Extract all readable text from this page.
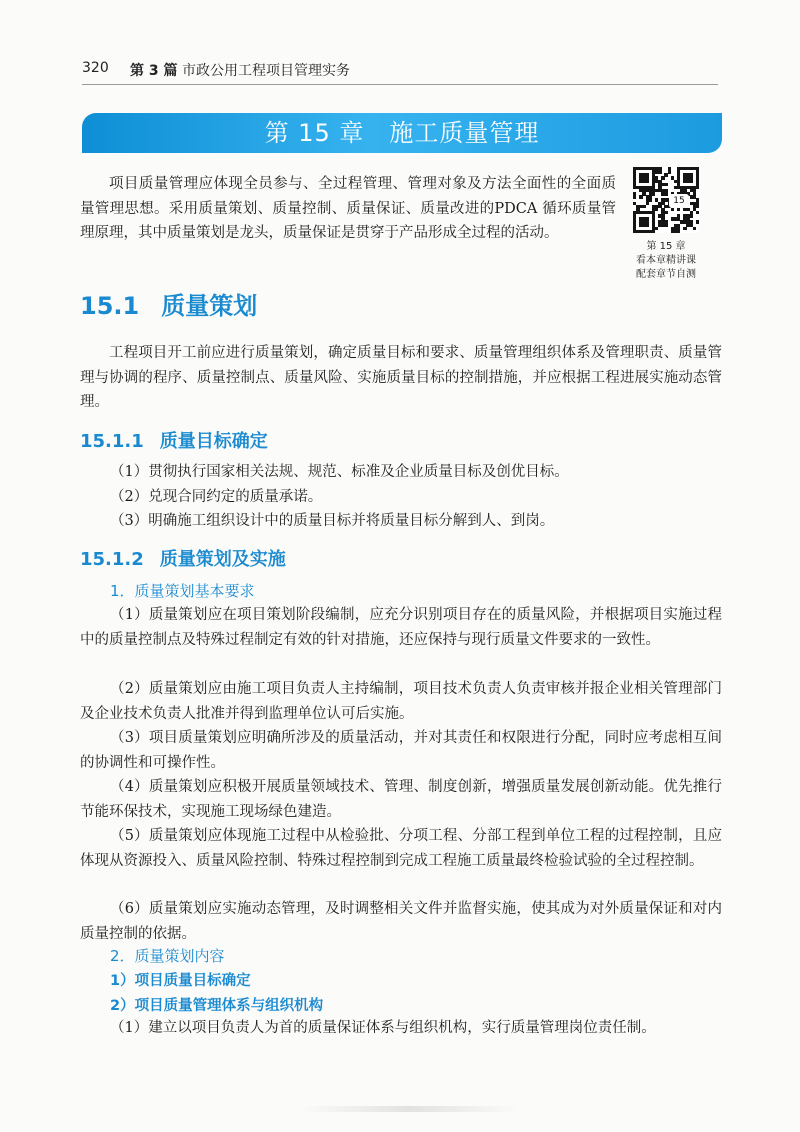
320 第 3 篇 市政公用工程项目管理实务
第 15 章　施工质量管理

项目质量管理应体现全员参与、全过程管理、管理对象及方法全面性的全面质量管理思想。采用质量策划、质量控制、质量保证、质量改进的PDCA 循环质量管理原理，其中质量策划是龙头，质量保证是贯穿于产品形成全过程的活动。

15
第 15 章
看本章精讲课
配套章节自测
15.1 质量策划

工程项目开工前应进行质量策划，确定质量目标和要求、质量管理组织体系及管理职责、质量管理与协调的程序、质量控制点、质量风险、实施质量目标的控制措施，并应根据工程进展实施动态管理。

15.1.1 质量目标确定
（1）贯彻执行国家相关法规、规范、标准及企业质量目标及创优目标。
（2）兑现合同约定的质量承诺。
（3）明确施工组织设计中的质量目标并将质量目标分解到人、到岗。
15.1.2 质量策划及实施
1．质量策划基本要求

（1）质量策划应在项目策划阶段编制，应充分识别项目存在的质量风险，并根据项目实施过程中的质量控制点及特殊过程制定有效的针对措施，还应保持与现行质量文件要求的一致性。

（2）质量策划应由施工项目负责人主持编制，项目技术负责人负责审核并报企业相关管理部门及企业技术负责人批准并得到监理单位认可后实施。

（3）项目质量策划应明确所涉及的质量活动，并对其责任和权限进行分配，同时应考虑相互间的协调性和可操作性。

（4）质量策划应积极开展质量领域技术、管理、制度创新，增强质量发展创新动能。优先推行节能环保技术，实现施工现场绿色建造。

（5）质量策划应体现施工过程中从检验批、分项工程、分部工程到单位工程的过程控制，且应体现从资源投入、质量风险控制、特殊过程控制到完成工程施工质量最终检验试验的全过程控制。

（6）质量策划应实施动态管理，及时调整相关文件并监督实施，使其成为对外质量保证和对内质量控制的依据。

2．质量策划内容
1）项目质量目标确定
2）项目质量管理体系与组织机构
（1）建立以项目负责人为首的质量保证体系与组织机构，实行质量管理岗位责任制。
